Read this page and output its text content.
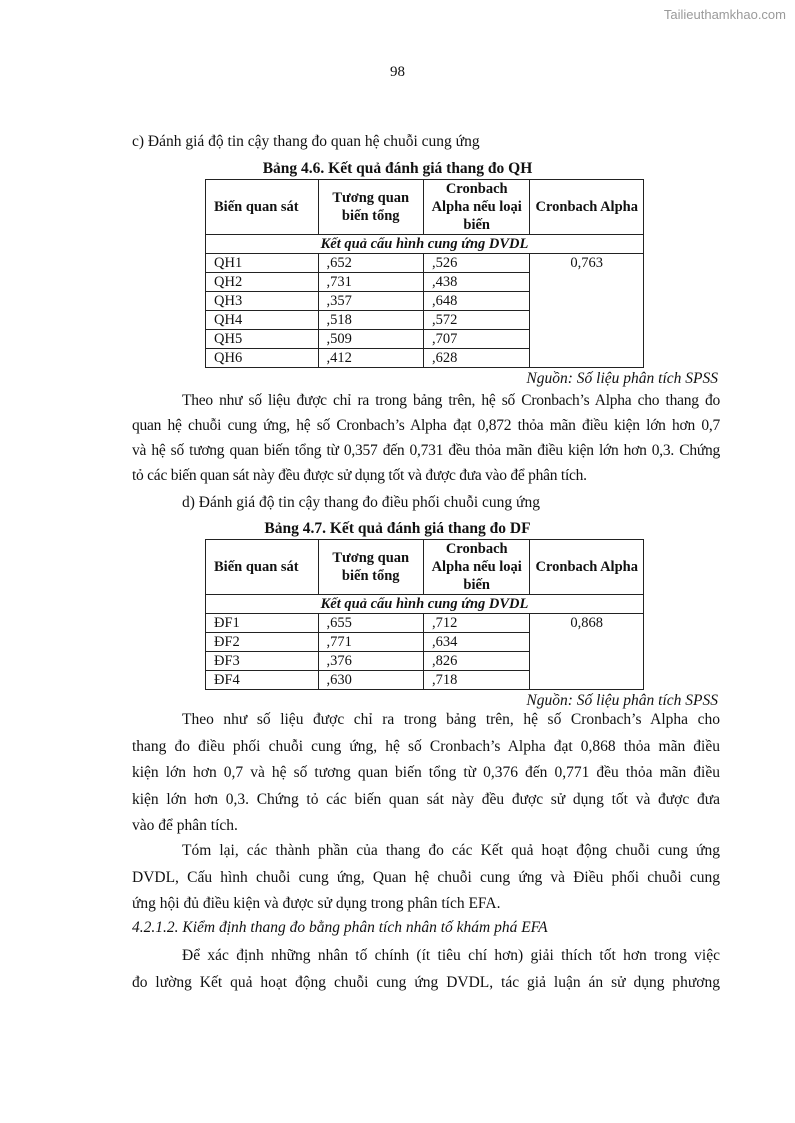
Tailieuthamkhao.com
98
c) Đánh giá độ tin cậy thang đo quan hệ chuỗi cung ứng
Bảng 4.6. Kết quả đánh giá thang đo QH
Biến quan sát	Tương quan biến tổng	Cronbach Alpha nếu loại biến	Cronbach Alpha
Kết quả cấu hình cung ứng DVDL			
QH1	,652	,526	0,763
QH2	,731	,438	
QH3	,357	,648	
QH4	,518	,572	
QH5	,509	,707	
QH6	,412	,628	
Nguồn: Số liệu phân tích SPSS
Theo như số liệu được chỉ ra trong bảng trên, hệ số Cronbach’s Alpha cho thang đo
quan hệ chuỗi cung ứng, hệ số Cronbach’s Alpha đạt 0,872 thỏa mãn điều kiện lớn hơn 0,7
và hệ số tương quan biến tổng từ 0,357 đến 0,731 đều thỏa mãn điều kiện lớn hơn 0,3. Chứng
tỏ các biến quan sát này đều được sử dụng tốt và được đưa vào để phân tích.
d) Đánh giá độ tin cậy thang đo điều phối chuỗi cung ứng
Bảng 4.7. Kết quả đánh giá thang đo DF
Biến quan sát	Tương quan biến tổng	Cronbach Alpha nếu loại biến	Cronbach Alpha
Kết quả cấu hình cung ứng DVDL			
ĐF1	,655	,712	0,868
ĐF2	,771	,634	
ĐF3	,376	,826	
ĐF4	,630	,718	
Nguồn: Số liệu phân tích SPSS
Theo như số liệu được chỉ ra trong bảng trên, hệ số Cronbach’s Alpha cho
thang đo điều phối chuỗi cung ứng, hệ số Cronbach’s Alpha đạt 0,868 thỏa mãn điều
kiện lớn hơn 0,7 và hệ số tương quan biến tổng từ 0,376 đến 0,771 đều thỏa mãn điều
kiện lớn hơn 0,3. Chứng tỏ các biến quan sát này đều được sử dụng tốt và được đưa
vào để phân tích.
Tóm lại, các thành phần của thang đo các Kết quả hoạt động chuỗi cung ứng
DVDL, Cấu hình chuỗi cung ứng, Quan hệ chuỗi cung ứng và Điều phối chuỗi cung
ứng hội đủ điều kiện và được sử dụng trong phân tích EFA.
4.2.1.2. Kiểm định thang đo bằng phân tích nhân tố khám phá EFA
Để xác định những nhân tố chính (ít tiêu chí hơn) giải thích tốt hơn trong việc
đo lường Kết quả hoạt động chuỗi cung ứng DVDL, tác giả luận án sử dụng phương
